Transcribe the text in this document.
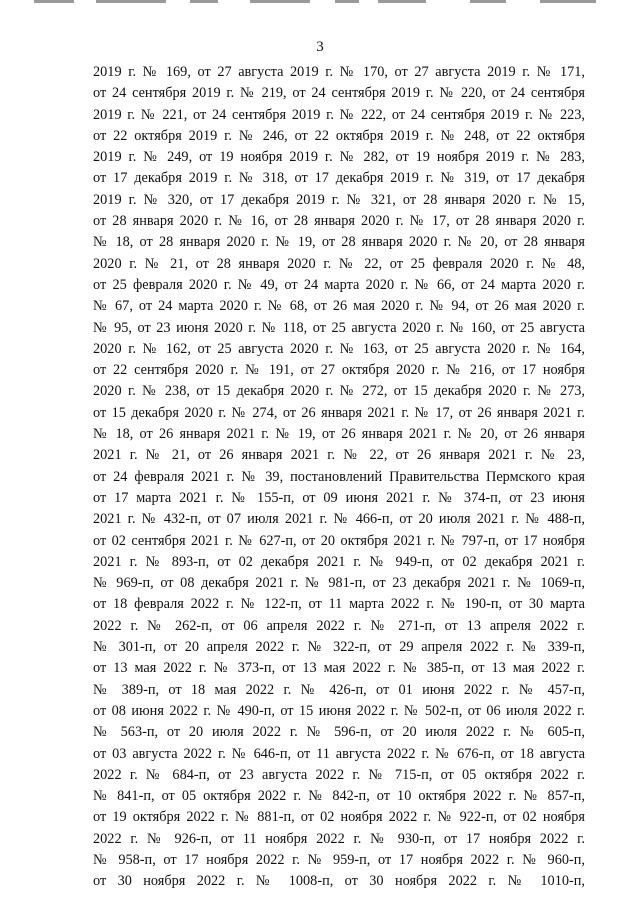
3
2019 г. № 169, от 27 августа 2019 г. № 170, от 27 августа 2019 г. № 171,
от 24 сентября 2019 г. № 219, от 24 сентября 2019 г. № 220, от 24 сентября
2019 г. № 221, от 24 сентября 2019 г. № 222, от 24 сентября 2019 г. № 223,
от 22 октября 2019 г. № 246, от 22 октября 2019 г. № 248, от 22 октября
2019 г. № 249, от 19 ноября 2019 г. № 282, от 19 ноября 2019 г. № 283,
от 17 декабря 2019 г. № 318, от 17 декабря 2019 г. № 319, от 17 декабря
2019 г. № 320, от 17 декабря 2019 г. № 321, от 28 января 2020 г. № 15,
от 28 января 2020 г. № 16, от 28 января 2020 г. № 17, от 28 января 2020 г.
№ 18, от 28 января 2020 г. № 19, от 28 января 2020 г. № 20, от 28 января
2020 г. № 21, от 28 января 2020 г. № 22, от 25 февраля 2020 г. № 48,
от 25 февраля 2020 г. № 49, от 24 марта 2020 г. № 66, от 24 марта 2020 г.
№ 67, от 24 марта 2020 г. № 68, от 26 мая 2020 г. № 94, от 26 мая 2020 г.
№ 95, от 23 июня 2020 г. № 118, от 25 августа 2020 г. № 160, от 25 августа
2020 г. № 162, от 25 августа 2020 г. № 163, от 25 августа 2020 г. № 164,
от 22 сентября 2020 г. № 191, от 27 октября 2020 г. № 216, от 17 ноября
2020 г. № 238, от 15 декабря 2020 г. № 272, от 15 декабря 2020 г. № 273,
от 15 декабря 2020 г. № 274, от 26 января 2021 г. № 17, от 26 января 2021 г.
№ 18, от 26 января 2021 г. № 19, от 26 января 2021 г. № 20, от 26 января
2021 г. № 21, от 26 января 2021 г. № 22, от 26 января 2021 г. № 23,
от 24 февраля 2021 г. № 39, постановлений Правительства Пермского края
от 17 марта 2021 г. № 155-п, от 09 июня 2021 г. № 374-п, от 23 июня
2021 г. № 432-п, от 07 июля 2021 г. № 466-п, от 20 июля 2021 г. № 488-п,
от 02 сентября 2021 г. № 627-п, от 20 октября 2021 г. № 797-п, от 17 ноября
2021 г. № 893-п, от 02 декабря 2021 г. № 949-п, от 02 декабря 2021 г.
№ 969-п, от 08 декабря 2021 г. № 981-п, от 23 декабря 2021 г. № 1069-п,
от 18 февраля 2022 г. № 122-п, от 11 марта 2022 г. № 190-п, от 30 марта
2022 г. № 262-п, от 06 апреля 2022 г. № 271-п, от 13 апреля 2022 г.
№ 301-п, от 20 апреля 2022 г. № 322-п, от 29 апреля 2022 г. № 339-п,
от 13 мая 2022 г. № 373-п, от 13 мая 2022 г. № 385-п, от 13 мая 2022 г.
№ 389-п, от 18 мая 2022 г. № 426-п, от 01 июня 2022 г. № 457-п,
от 08 июня 2022 г. № 490-п, от 15 июня 2022 г. № 502-п, от 06 июля 2022 г.
№ 563-п, от 20 июля 2022 г. № 596-п, от 20 июля 2022 г. № 605-п,
от 03 августа 2022 г. № 646-п, от 11 августа 2022 г. № 676-п, от 18 августа
2022 г. № 684-п, от 23 августа 2022 г. № 715-п, от 05 октября 2022 г.
№ 841-п, от 05 октября 2022 г. № 842-п, от 10 октября 2022 г. № 857-п,
от 19 октября 2022 г. № 881-п, от 02 ноября 2022 г. № 922-п, от 02 ноября
2022 г. № 926-п, от 11 ноября 2022 г. № 930-п, от 17 ноября 2022 г.
№ 958-п, от 17 ноября 2022 г. № 959-п, от 17 ноября 2022 г. № 960-п,
от 30 ноября 2022 г. № 1008-п, от 30 ноября 2022 г. № 1010-п,
